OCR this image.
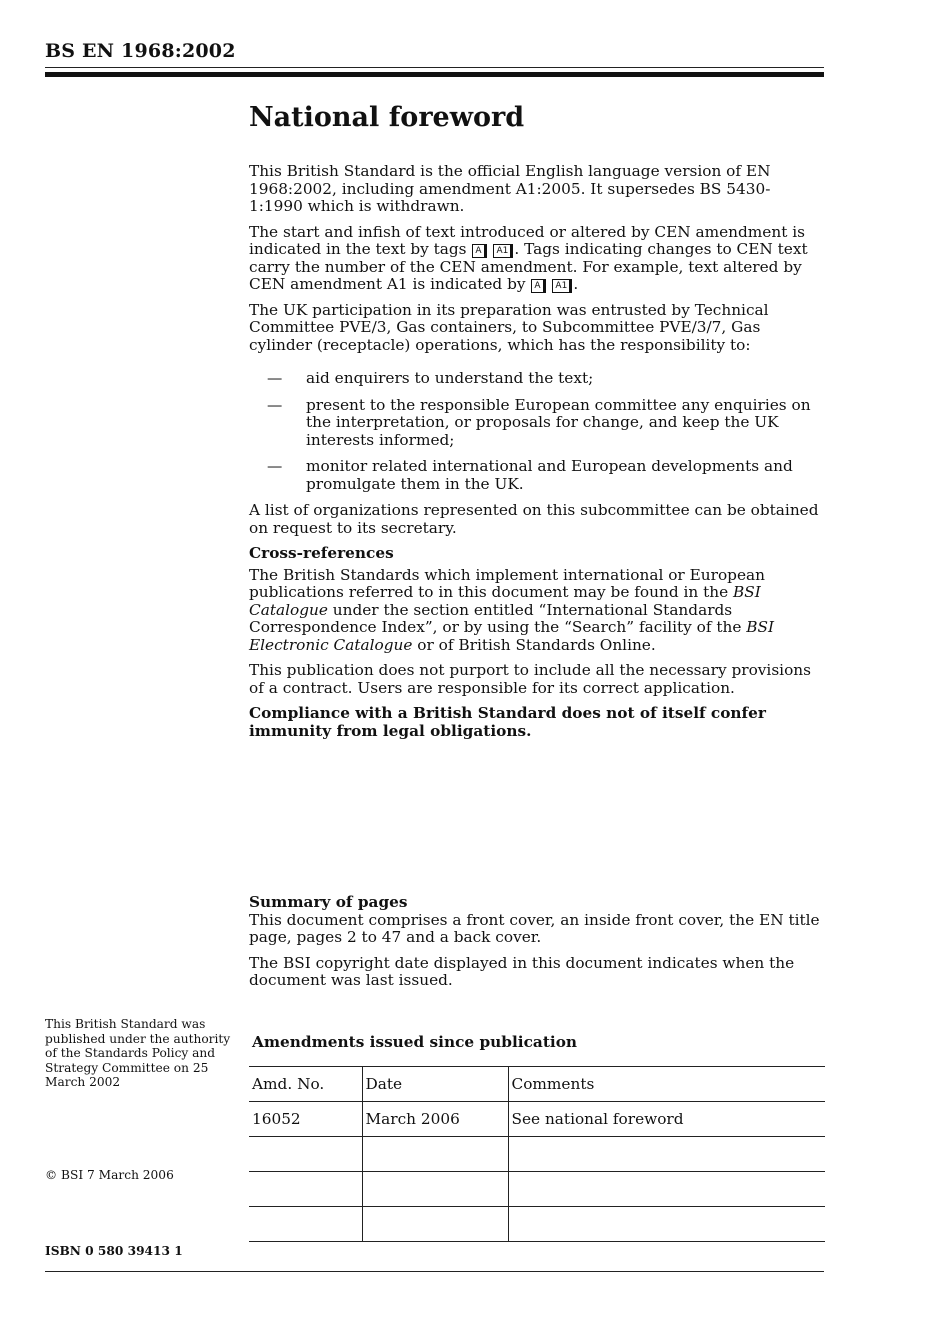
BS EN 1968:2002
National foreword

This British Standard is the official English language version of EN 1968:2002, including amendment A1:2005. It supersedes BS 5430-1:1990 which is withdrawn.

The start and infish of text introduced or altered by CEN amendment is indicated in the text by tags A A1 . Tags indicating changes to CEN text carry the number of the CEN amendment. For example, text altered by CEN amendment A1 is indicated by A A1 .

The UK participation in its preparation was entrusted by Technical Committee PVE/3, Gas containers, to Subcommittee PVE/3/7, Gas cylinder (receptacle) operations, which has the responsibility to:

—	aid enquirers to understand the text;
—	present to the responsible European committee any enquiries on the interpretation, or proposals for change, and keep the UK interests informed;
—	monitor related international and European developments and promulgate them in the UK.

A list of organizations represented on this subcommittee can be obtained on request to its secretary.

Cross-references

The British Standards which implement international or European publications referred to in this document may be found in the BSI Catalogue under the section entitled “International Standards Correspondence Index”, or by using the “Search” facility of the BSI Electronic Catalogue or of British Standards Online.

This publication does not purport to include all the necessary provisions of a contract. Users are responsible for its correct application.

Compliance with a British Standard does not of itself confer immunity from legal obligations.

Summary of pages

This document comprises a front cover, an inside front cover, the EN title page, pages 2 to 47 and a back cover.

The BSI copyright date displayed in this document indicates when the document was last issued.

This British Standard was published under the authority of the Standards Policy and Strategy Committee on 25 March 2002
© BSI 7 March 2006
ISBN 0 580 39413 1
Amendments issued since publication
Amd. No.	Date	Comments
16052	March 2006	See national foreword
